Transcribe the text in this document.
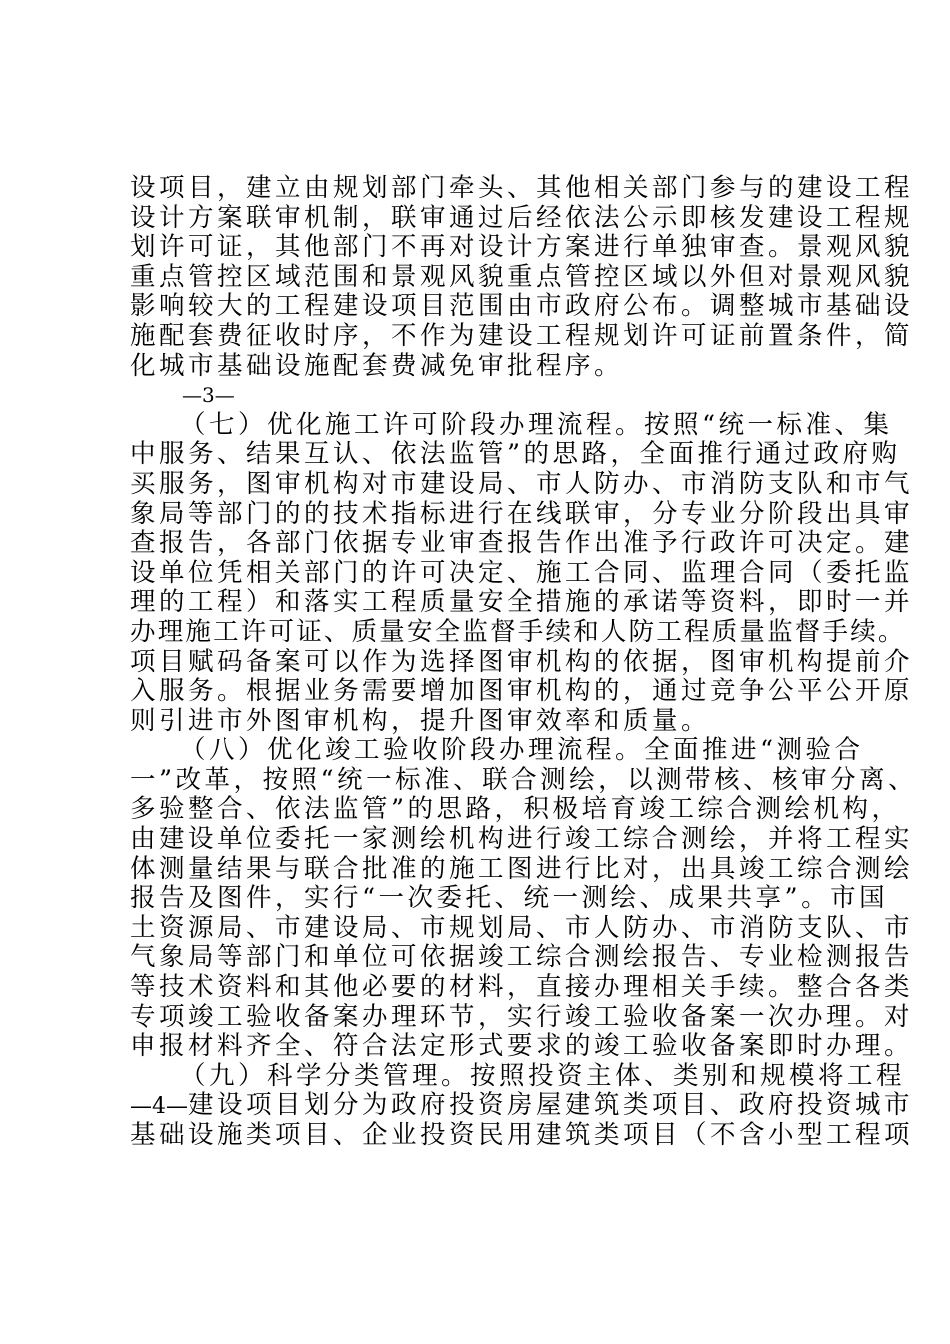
设项目，建立由规划部门牵头、其他相关部门参与的建设工程
设计方案联审机制，联审通过后经依法公示即核发建设工程规
划许可证，其他部门不再对设计方案进行单独审查。景观风貌
重点管控区域范围和景观风貌重点管控区域以外但对景观风貌
影响较大的工程建设项目范围由市政府公布。调整城市基础设
施配套费征收时序，不作为建设工程规划许可证前置条件，简
化城市基础设施配套费减免审批程序。
—3—
（七）优化施工许可阶段办理流程。按照“统一标准、集
中服务、结果互认、依法监管”的思路，全面推行通过政府购
买服务，图审机构对市建设局、市人防办、市消防支队和市气
象局等部门的的技术指标进行在线联审，分专业分阶段出具审
查报告，各部门依据专业审查报告作出准予行政许可决定。建
设单位凭相关部门的许可决定、施工合同、监理合同（委托监
理的工程）和落实工程质量安全措施的承诺等资料，即时一并
办理施工许可证、质量安全监督手续和人防工程质量监督手续。
项目赋码备案可以作为选择图审机构的依据，图审机构提前介
入服务。根据业务需要增加图审机构的，通过竞争公平公开原
则引进市外图审机构，提升图审效率和质量。
（八）优化竣工验收阶段办理流程。全面推进“测验合
一”改革，按照“统一标准、联合测绘，以测带核、核审分离、
多验整合、依法监管”的思路，积极培育竣工综合测绘机构，
由建设单位委托一家测绘机构进行竣工综合测绘，并将工程实
体测量结果与联合批准的施工图进行比对，出具竣工综合测绘
报告及图件，实行“一次委托、统一测绘、成果共享”。市国
土资源局、市建设局、市规划局、市人防办、市消防支队、市
气象局等部门和单位可依据竣工综合测绘报告、专业检测报告
等技术资料和其他必要的材料，直接办理相关手续。整合各类
专项竣工验收备案办理环节，实行竣工验收备案一次办理。对
申报材料齐全、符合法定形式要求的竣工验收备案即时办理。
（九）科学分类管理。按照投资主体、类别和规模将工程
—4—建设项目划分为政府投资房屋建筑类项目、政府投资城市
基础设施类项目、企业投资民用建筑类项目（不含小型工程项
